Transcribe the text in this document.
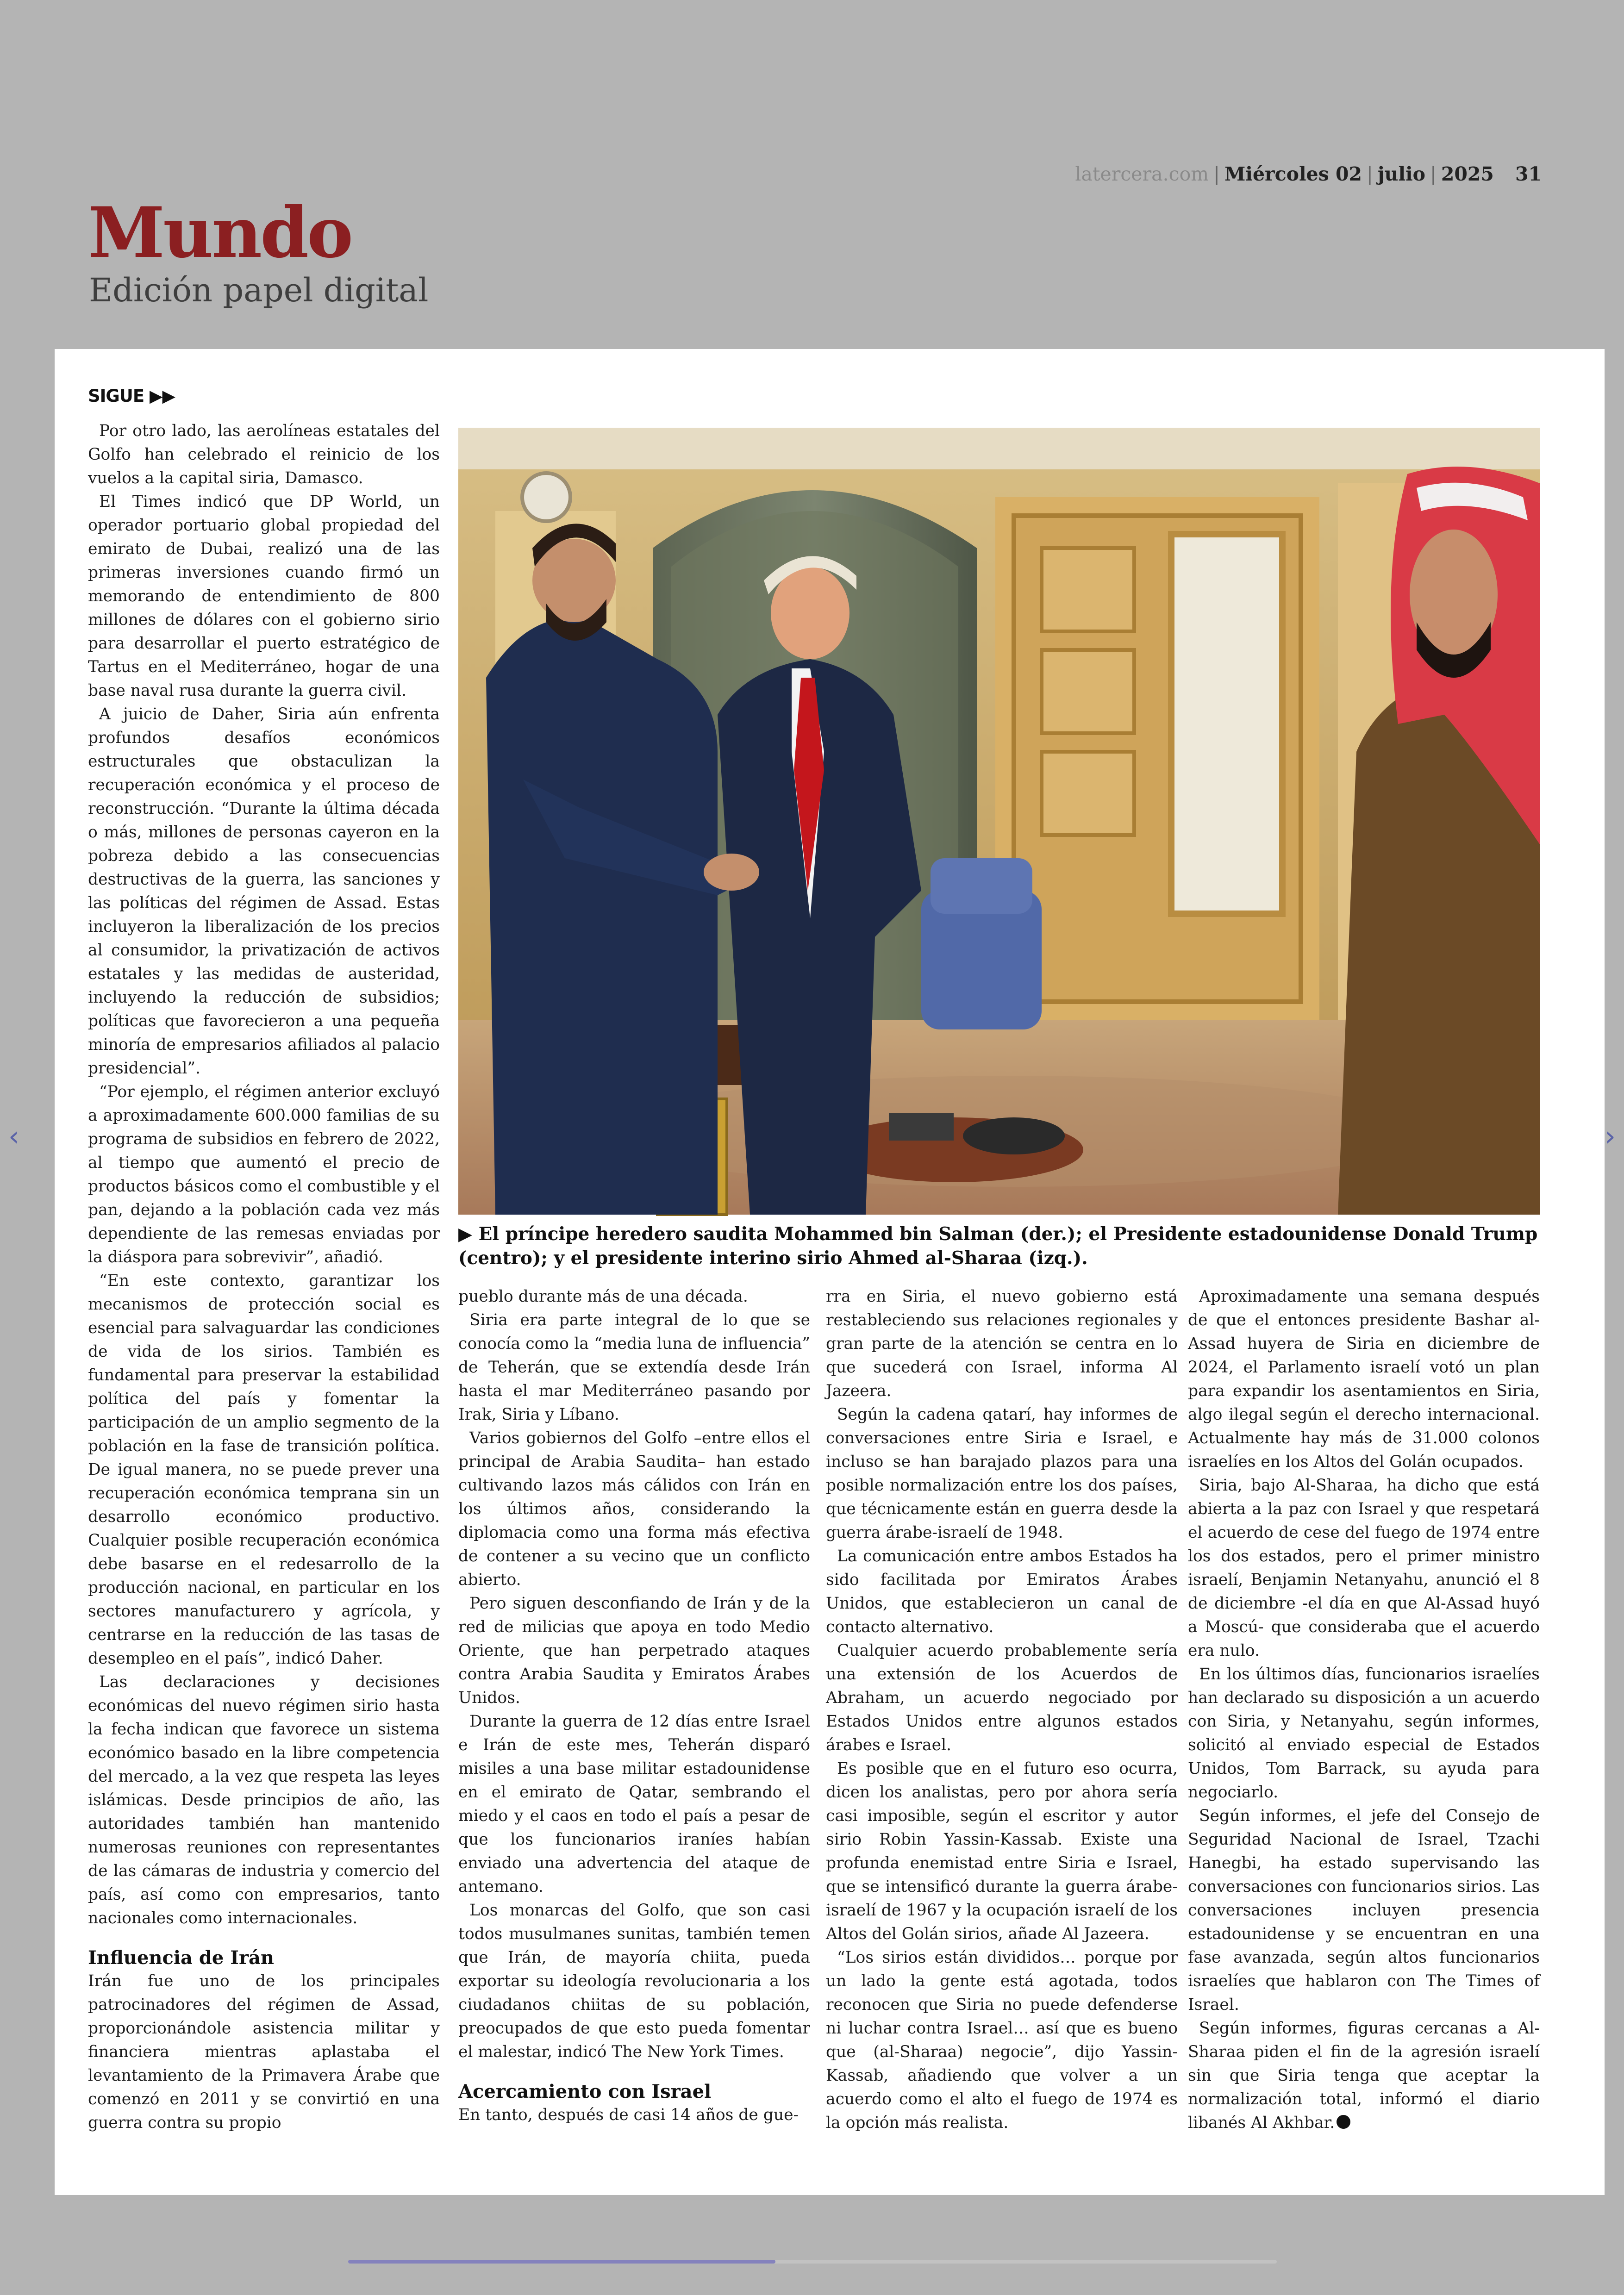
latercera.com | Miércoles 02 | julio | 2025 31
Mundo
Edición papel digital
SIGUE ▶▶

Por otro lado, las aerolíneas estatales del Golfo han celebrado el reinicio de los vuelos a la capital siria, Damasco.

El Times indicó que DP World, un operador portuario global propiedad del emirato de Dubai, realizó una de las primeras inversiones cuando firmó un memorando de entendimiento de 800 millones de dólares con el gobierno sirio para desarrollar el puerto estratégico de Tartus en el Mediterráneo, hogar de una base naval rusa durante la guerra civil.

A juicio de Daher, Siria aún enfrenta profundos desafíos económicos estructurales que obstaculizan la recuperación económica y el proceso de reconstrucción. “Durante la última década o más, millones de personas cayeron en la pobreza debido a las consecuencias destructivas de la guerra, las sanciones y las políticas del régimen de Assad. Estas incluyeron la liberalización de los precios al consumidor, la privatización de activos estatales y las medidas de austeridad, incluyendo la reducción de subsidios; políticas que favorecieron a una pequeña minoría de empresarios afiliados al palacio presidencial”.

“Por ejemplo, el régimen anterior excluyó a aproximadamente 600.000 familias de su programa de subsidios en febrero de 2022, al tiempo que aumentó el precio de productos básicos como el combustible y el pan, dejando a la población cada vez más dependiente de las remesas enviadas por la diáspora para sobrevivir”, añadió.

“En este contexto, garantizar los mecanismos de protección social es esencial para salvaguardar las condiciones de vida de los sirios. También es fundamental para preservar la estabilidad política del país y fomentar la participación de un amplio segmento de la población en la fase de transición política. De igual manera, no se puede prever una recuperación económica temprana sin un desarrollo económico productivo. Cualquier posible recuperación económica debe basarse en el redesarrollo de la producción nacional, en particular en los sectores manufacturero y agrícola, y centrarse en la reducción de las tasas de desempleo en el país”, indicó Daher.

Las declaraciones y decisiones económicas del nuevo régimen sirio hasta la fecha indican que favorece un sistema económico basado en la libre competencia del mercado, a la vez que respeta las leyes islámicas. Desde principios de año, las autoridades también han mantenido numerosas reuniones con representantes de las cámaras de industria y comercio del país, así como con empresarios, tanto nacionales como internacionales.

Influencia de Irán

Irán fue uno de los principales patrocinadores del régimen de Assad, proporcionándole asistencia militar y financiera mientras aplastaba el levantamiento de la Primavera Árabe que comenzó en 2011 y se convirtió en una guerra contra su propio

▶ El príncipe heredero saudita Mohammed bin Salman (der.); el Presidente estadounidense Donald Trump (centro); y el presidente interino sirio Ahmed al-Sharaa (izq.).

pueblo durante más de una década.

Siria era parte integral de lo que se conocía como la “media luna de influencia” de Teherán, que se extendía desde Irán hasta el mar Mediterráneo pasando por Irak, Siria y Líbano.

Varios gobiernos del Golfo –entre ellos el principal de Arabia Saudita– han estado cultivando lazos más cálidos con Irán en los últimos años, considerando la diplomacia como una forma más efectiva de contener a su vecino que un conflicto abierto.

Pero siguen desconfiando de Irán y de la red de milicias que apoya en todo Medio Oriente, que han perpetrado ataques contra Arabia Saudita y Emiratos Árabes Unidos.

Durante la guerra de 12 días entre Israel e Irán de este mes, Teherán disparó misiles a una base militar estadounidense en el emirato de Qatar, sembrando el miedo y el caos en todo el país a pesar de que los funcionarios iraníes habían enviado una advertencia del ataque de antemano.

Los monarcas del Golfo, que son casi todos musulmanes sunitas, también temen que Irán, de mayoría chiita, pueda exportar su ideología revolucionaria a los ciudadanos chiitas de su población, preocupados de que esto pueda fomentar el malestar, indicó The New York Times.

Acercamiento con Israel

En tanto, después de casi 14 años de gue-

rra en Siria, el nuevo gobierno está restableciendo sus relaciones regionales y gran parte de la atención se centra en lo que sucederá con Israel, informa Al Jazeera.

Según la cadena qatarí, hay informes de conversaciones entre Siria e Israel, e incluso se han barajado plazos para una posible normalización entre los dos países, que técnicamente están en guerra desde la guerra árabe-israelí de 1948.

La comunicación entre ambos Estados ha sido facilitada por Emiratos Árabes Unidos, que establecieron un canal de contacto alternativo.

Cualquier acuerdo probablemente sería una extensión de los Acuerdos de Abraham, un acuerdo negociado por Estados Unidos entre algunos estados árabes e Israel.

Es posible que en el futuro eso ocurra, dicen los analistas, pero por ahora sería casi imposible, según el escritor y autor sirio Robin Yassin-Kassab. Existe una profunda enemistad entre Siria e Israel, que se intensificó durante la guerra árabe-israelí de 1967 y la ocupación israelí de los Altos del Golán sirios, añade Al Jazeera.

“Los sirios están divididos… porque por un lado la gente está agotada, todos reconocen que Siria no puede defenderse ni luchar contra Israel… así que es bueno que (al-Sharaa) negocie”, dijo Yassin-Kassab, añadiendo que volver a un acuerdo como el alto el fuego de 1974 es la opción más realista.

Aproximadamente una semana después de que el entonces presidente Bashar al-Assad huyera de Siria en diciembre de 2024, el Parlamento israelí votó un plan para expandir los asentamientos en Siria, algo ilegal según el derecho internacional. Actualmente hay más de 31.000 colonos israelíes en los Altos del Golán ocupados.

Siria, bajo Al-Sharaa, ha dicho que está abierta a la paz con Israel y que respetará el acuerdo de cese del fuego de 1974 entre los dos estados, pero el primer ministro israelí, Benjamin Netanyahu, anunció el 8 de diciembre -el día en que Al-Assad huyó a Moscú- que consideraba que el acuerdo era nulo.

En los últimos días, funcionarios israelíes han declarado su disposición a un acuerdo con Siria, y Netanyahu, según informes, solicitó al enviado especial de Estados Unidos, Tom Barrack, su ayuda para negociarlo.

Según informes, el jefe del Consejo de Seguridad Nacional de Israel, Tzachi Hanegbi, ha estado supervisando las conversaciones con funcionarios sirios. Las conversaciones incluyen presencia estadounidense y se encuentran en una fase avanzada, según altos funcionarios israelíes que hablaron con The Times of Israel.

Según informes, figuras cercanas a Al-Sharaa piden el fin de la agresión israelí sin que Siria tenga que aceptar la normalización total, informó el diario libanés Al Akhbar.

‹	›
